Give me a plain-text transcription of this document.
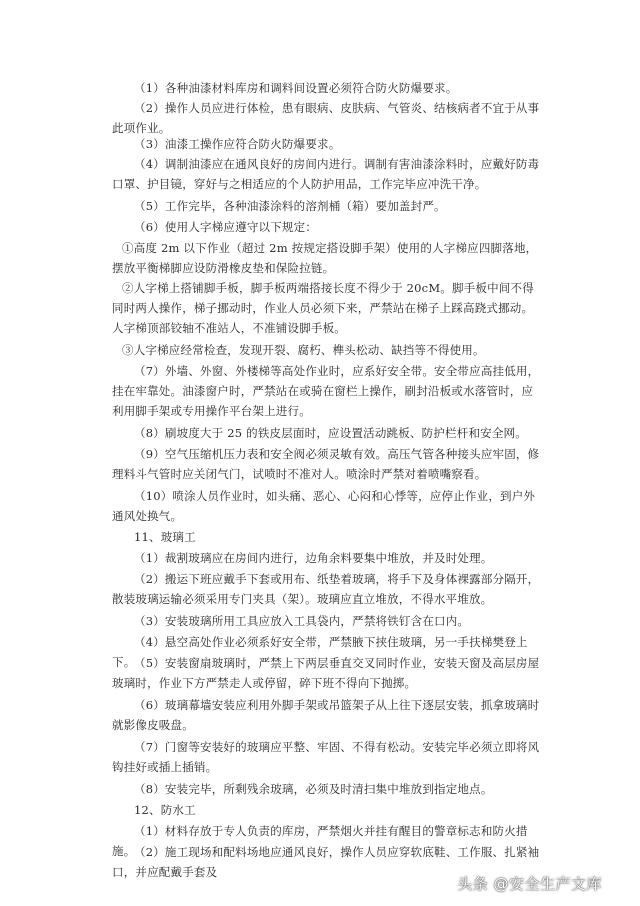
（1）各种油漆材料库房和调料间设置必须符合防火防爆要求。

（2）操作人员应进行体检，患有眼病、皮肤病、气管炎、结核病者不宜于从事此项作业。

（3）油漆工操作应符合防火防爆要求。

（4）调制油漆应在通风良好的房间内进行。调制有害油漆涂料时，应戴好防毒口罩、护目镜，穿好与之相适应的个人防护用品，工作完毕应冲洗干净。

（5）工作完毕，各种油漆涂料的溶剂桶（箱）要加盖封严。

（6）使用人字梯应遵守以下规定：

①高度 2m 以下作业（超过 2m 按规定搭设脚手架）使用的人字梯应四脚落地，摆放平衡梯脚应设防滑橡皮垫和保险拉链。

②人字梯上搭铺脚手板，脚手板两端搭接长度不得少于 20cM。脚手板中间不得同时两人操作，梯子挪动时，作业人员必须下来，严禁站在梯子上踩高跷式挪动。人字梯顶部铰轴不准站人，不准铺设脚手板。

③人字梯应经常检查，发现开裂、腐朽、榫头松动、缺挡等不得使用。

（7）外墙、外窗、外楼梯等高处作业时，应系好安全带。安全带应高挂低用，挂在牢靠处。油漆窗户时，严禁站在或骑在窗栏上操作，刷封沿板或水落管时，应利用脚手架或专用操作平台架上进行。

（8）刷坡度大于 25 的铁皮层面时，应设置活动跳板、防护栏杆和安全网。

（9）空气压缩机压力表和安全阀必须灵敏有效。高压气管各种接头应牢固，修理料斗气管时应关闭气门，试喷时不准对人。喷涂时严禁对着喷嘴察看。

（10）喷涂人员作业时，如头痛、恶心、心闷和心悸等，应停止作业，到户外通风处换气。

11、玻璃工

（1）裁割玻璃应在房间内进行，边角余料要集中堆放，并及时处理。

（2）搬运下班应戴手下套或用布、纸垫着玻璃，将手下及身体裸露部分隔开，散装玻璃运输必须采用专门夹具（架）。玻璃应直立堆放，不得水平堆放。

（3）安装玻璃所用工具应放入工具袋内，严禁将铁钉含在口内。

（4）悬空高处作业必须系好安全带，严禁腋下挟住玻璃，另一手扶梯樊登上下。

（5）安装窗扇玻璃时，严禁上下两层垂直交叉同时作业，安装天窗及高层房屋玻璃时，作业下方严禁走人或停留，碎下班不得向下抛掷。

（6）玻璃幕墙安装应利用外脚手架或吊篮架子从上往下逐层安装，抓拿玻璃时就影像皮吸盘。

（7）门窗等安装好的玻璃应平整、牢固、不得有松动。安装完毕必须立即将风钩挂好或插上插销。

（8）安装完毕，所剩残余玻璃，必须及时清扫集中堆放到指定地点。

12、防水工

（1）材料存放于专人负责的库房，严禁烟火并挂有醒目的警章标志和防火措施。

（2）施工现场和配料场地应通风良好，操作人员应穿软底鞋、工作服、扎紧袖口，并应配戴手套及

头条 @安全生产文库
